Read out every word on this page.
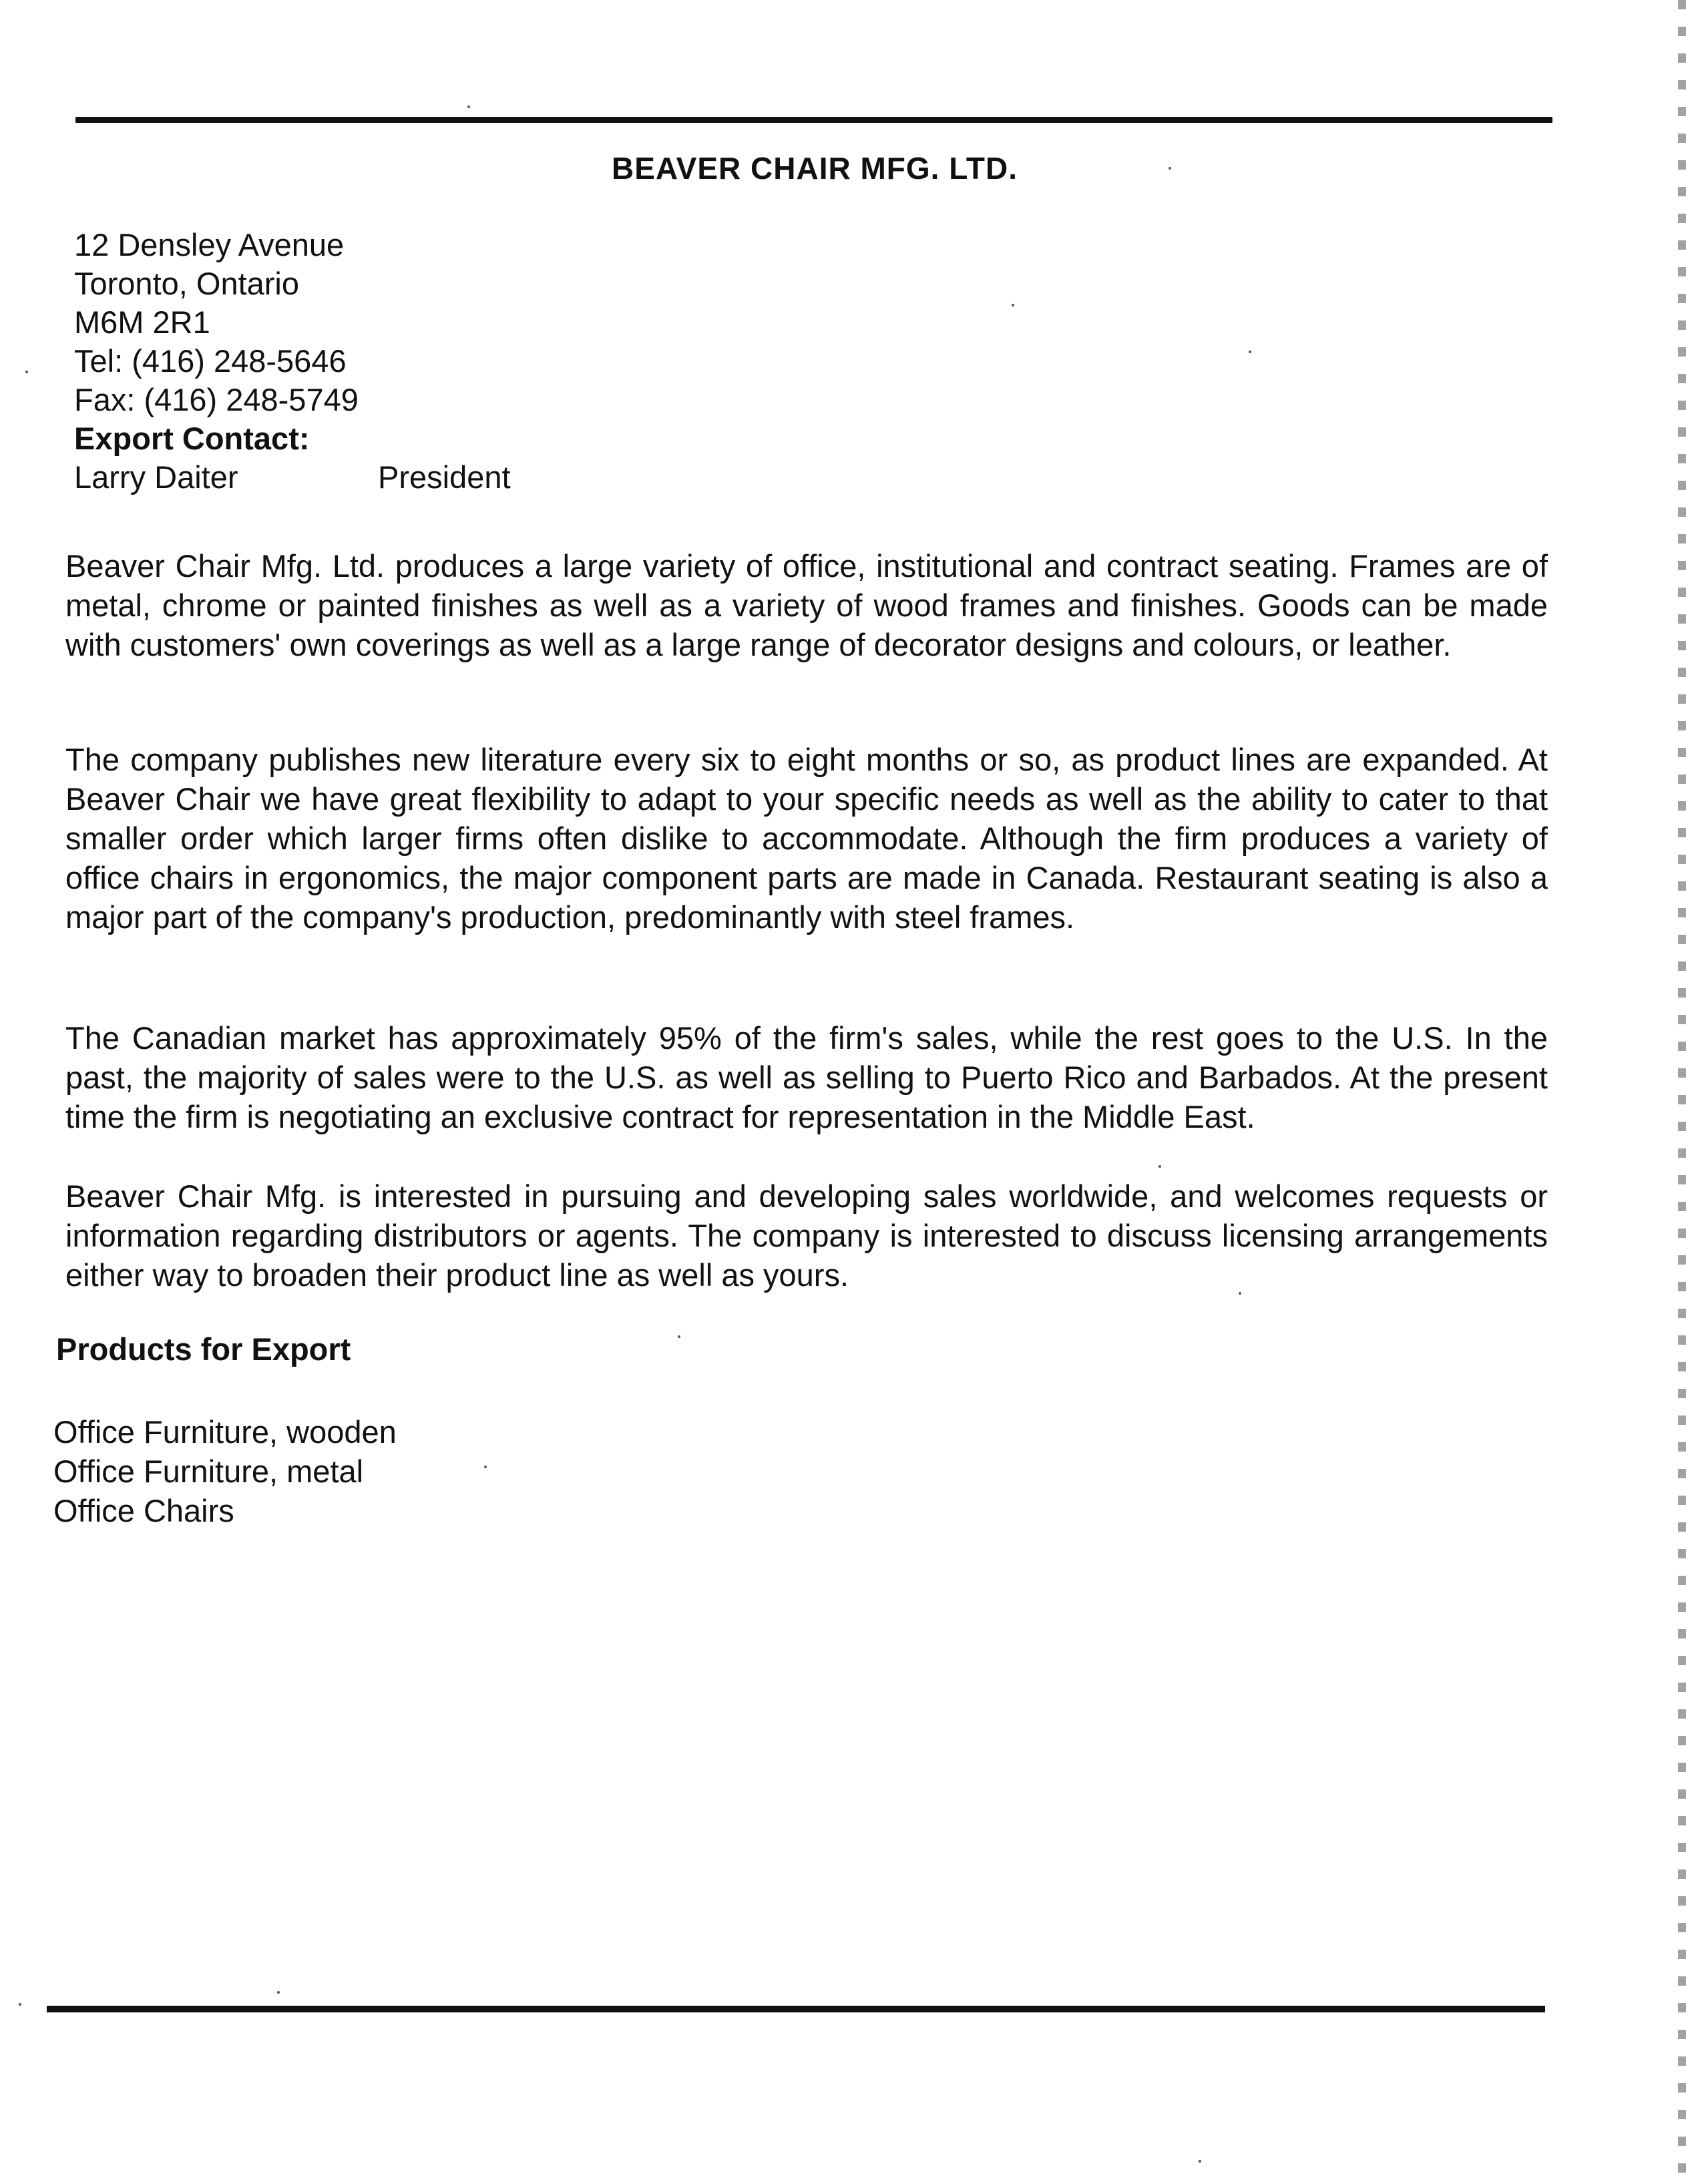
BEAVER CHAIR MFG. LTD.
12 Densley Avenue
Toronto, Ontario
M6M 2R1
Tel: (416) 248-5646
Fax: (416) 248-5749
Export Contact:
Larry Daiter	President
Beaver Chair Mfg. Ltd. produces a large variety of office, institutional and contract seating. Frames are of metal, chrome or painted finishes as well as a variety of wood frames and finishes. Goods can be made with customers' own coverings as well as a large range of decorator designs and colours, or leather.
The company publishes new literature every six to eight months or so, as product lines are expanded. At Beaver Chair we have great flexibility to adapt to your specific needs as well as the ability to cater to that smaller order which larger firms often dislike to accommodate. Although the firm produces a variety of office chairs in ergonomics, the major component parts are made in Canada. Restaurant seating is also a major part of the company's production, predominantly with steel frames.
The Canadian market has approximately 95% of the firm's sales, while the rest goes to the U.S. In the past, the majority of sales were to the U.S. as well as selling to Puerto Rico and Barbados. At the present time the firm is negotiating an exclusive contract for representation in the Middle East.
Beaver Chair Mfg. is interested in pursuing and developing sales worldwide, and welcomes requests or information regarding distributors or agents. The company is interested to discuss licensing arrangements either way to broaden their product line as well as yours.
Products for Export
Office Furniture, wooden
Office Furniture, metal
Office Chairs
